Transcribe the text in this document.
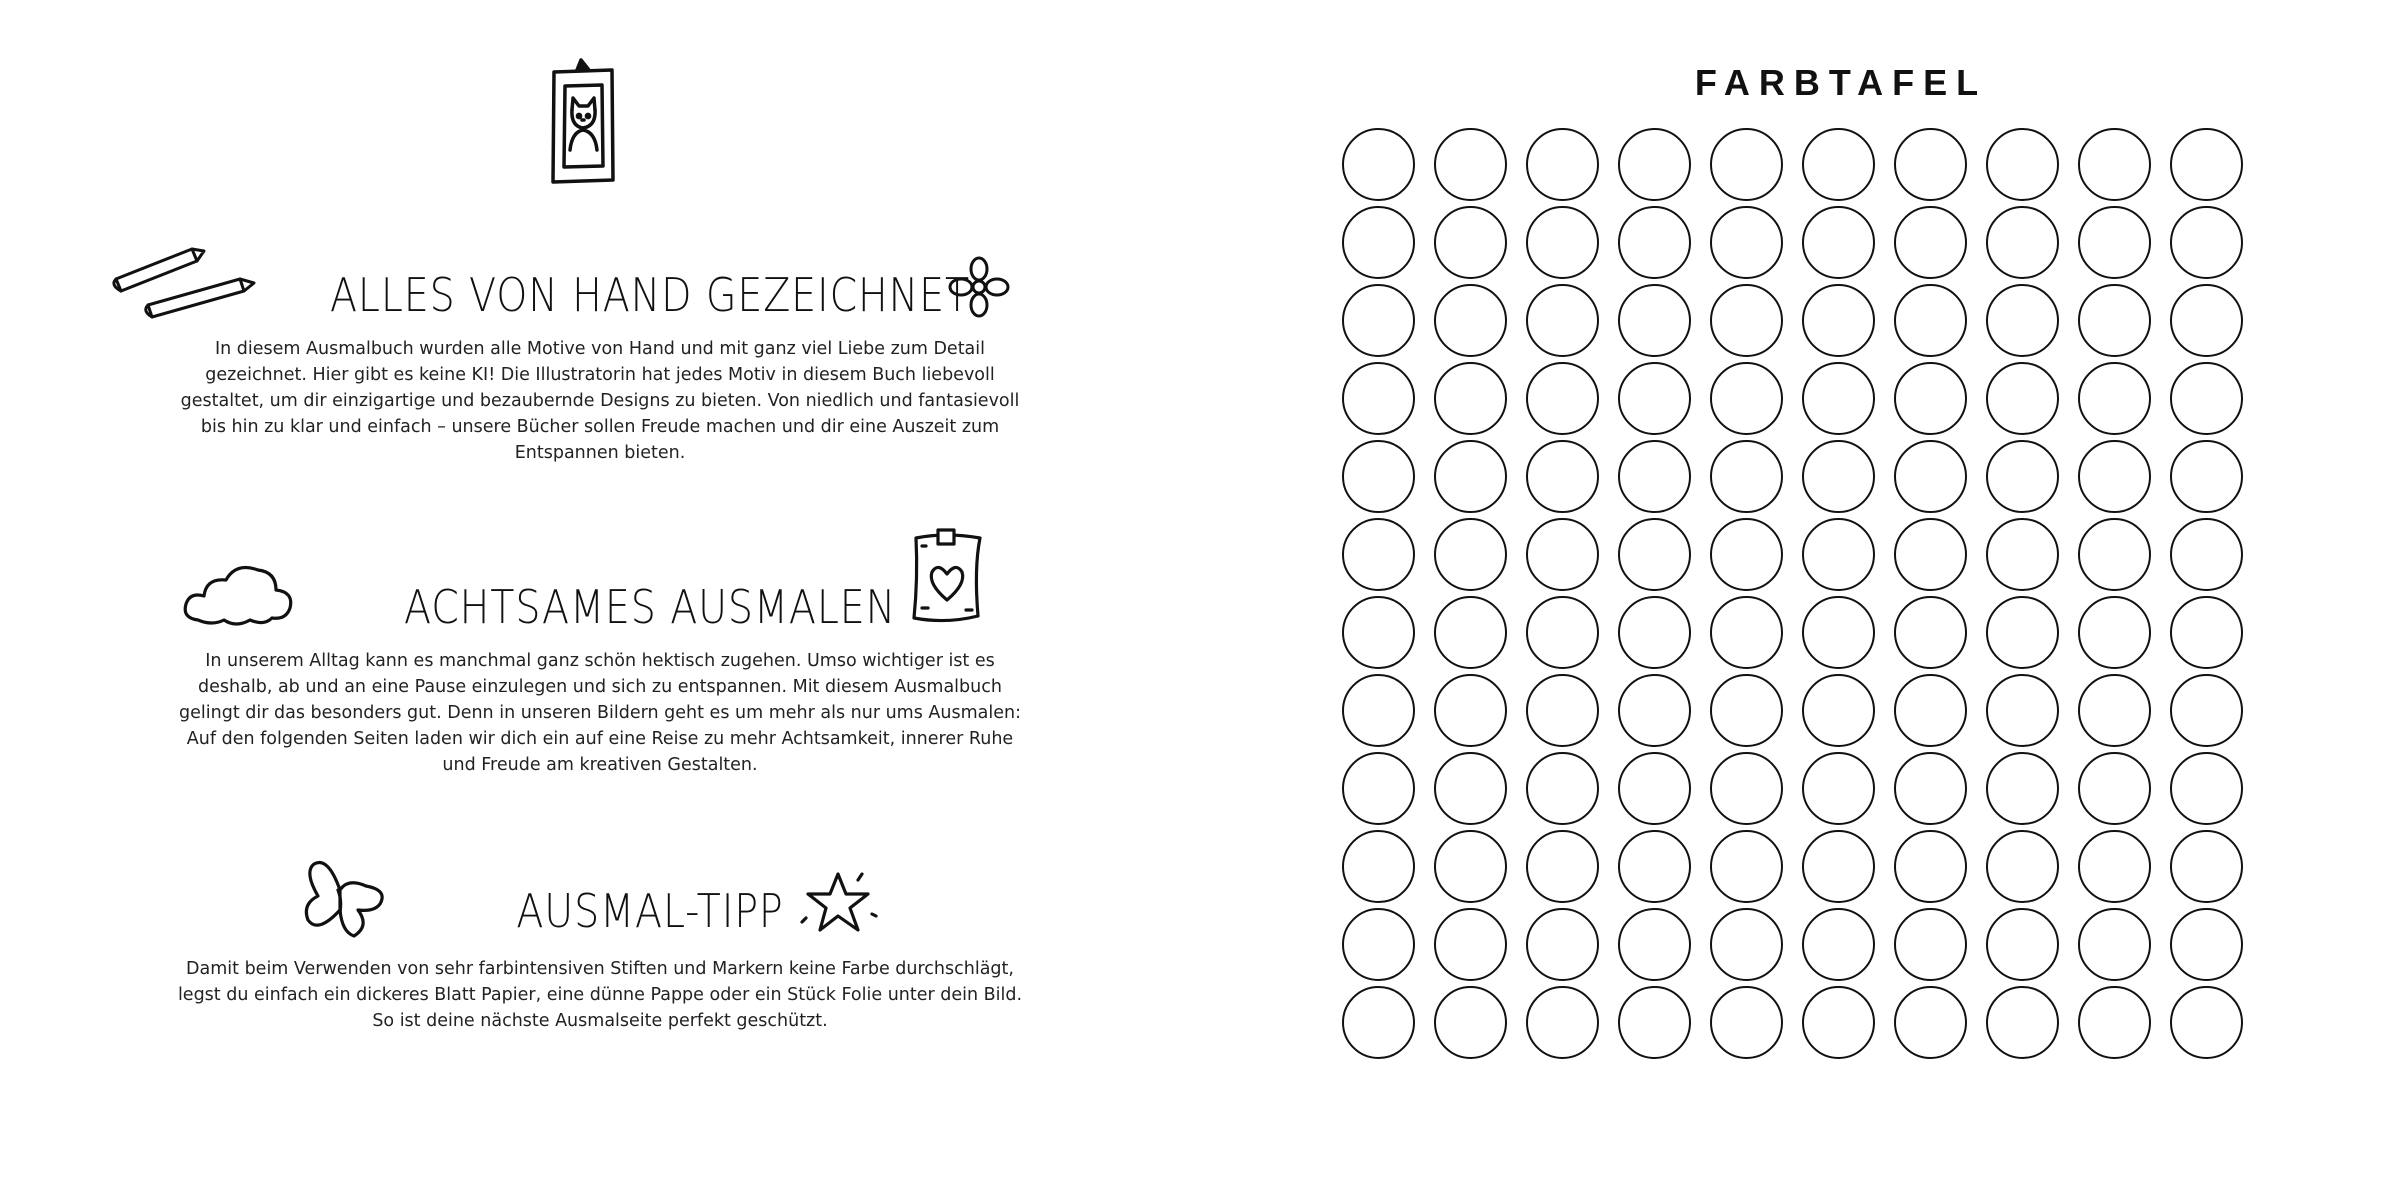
ALLES VON HAND GEZEICHNET
In diesem Ausmalbuch wurden alle Motive von Hand und mit ganz viel Liebe zum Detail gezeichnet. Hier gibt es keine KI! Die Illustratorin hat jedes Motiv in diesem Buch liebevoll gestaltet, um dir einzigartige und bezaubernde Designs zu bieten. Von niedlich und fantasievoll bis hin zu klar und einfach – unsere Bücher sollen Freude machen und dir eine Auszeit zum Entspannen bieten.
ACHTSAMES AUSMALEN
In unserem Alltag kann es manchmal ganz schön hektisch zugehen. Umso wichtiger ist es deshalb, ab und an eine Pause einzulegen und sich zu entspannen. Mit diesem Ausmalbuch gelingt dir das besonders gut. Denn in unseren Bildern geht es um mehr als nur ums Ausmalen: Auf den folgenden Seiten laden wir dich ein auf eine Reise zu mehr Achtsamkeit, innerer Ruhe und Freude am kreativen Gestalten.
AUSMAL-TIPP
Damit beim Verwenden von sehr farbintensiven Stiften und Markern keine Farbe durchschlägt, legst du einfach ein dickeres Blatt Papier, eine dünne Pappe oder ein Stück Folie unter dein Bild. So ist deine nächste Ausmalseite perfekt geschützt.
FARBTAFEL
